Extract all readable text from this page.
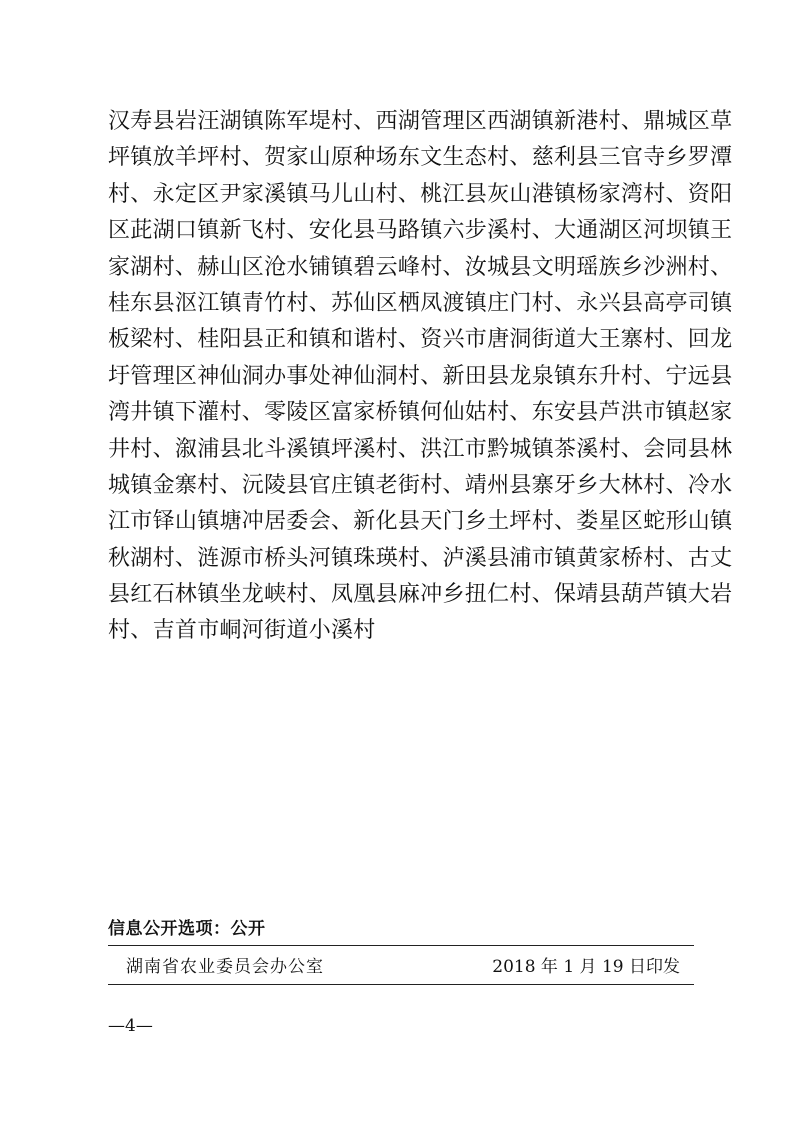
汉寿县岩汪湖镇陈军堤村、西湖管理区西湖镇新港村、鼎城区草
坪镇放羊坪村、贺家山原种场东文生态村、慈利县三官寺乡罗潭
村、永定区尹家溪镇马儿山村、桃江县灰山港镇杨家湾村、资阳
区茈湖口镇新飞村、安化县马路镇六步溪村、大通湖区河坝镇王
家湖村、赫山区沧水铺镇碧云峰村、汝城县文明瑶族乡沙洲村、
桂东县沤江镇青竹村、苏仙区栖凤渡镇庄门村、永兴县高亭司镇
板梁村、桂阳县正和镇和谐村、资兴市唐洞街道大王寨村、回龙
圩管理区神仙洞办事处神仙洞村、新田县龙泉镇东升村、宁远县
湾井镇下灌村、零陵区富家桥镇何仙姑村、东安县芦洪市镇赵家
井村、溆浦县北斗溪镇坪溪村、洪江市黔城镇茶溪村、会同县林
城镇金寨村、沅陵县官庄镇老街村、靖州县寨牙乡大林村、冷水
江市铎山镇塘冲居委会、新化县天门乡土坪村、娄星区蛇形山镇
秋湖村、涟源市桥头河镇珠瑛村、泸溪县浦市镇黄家桥村、古丈
县红石林镇坐龙峡村、凤凰县麻冲乡扭仁村、保靖县葫芦镇大岩
村、吉首市峒河街道小溪村
信息公开选项：公开
湖南省农业委员会办公室	2018 年 1 月 19 日印发
—4—
